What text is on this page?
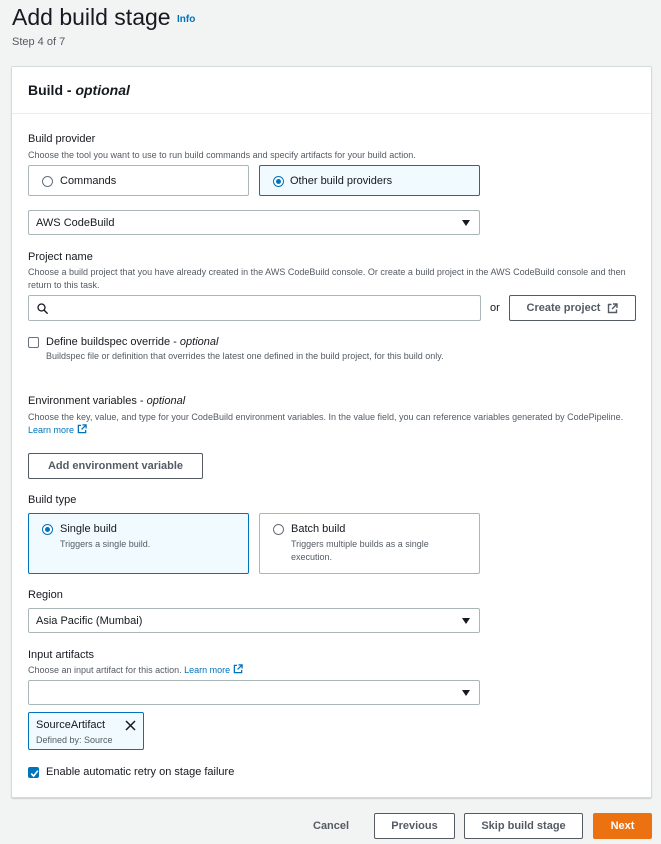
Add build stage Info
Step 4 of 7
Build - optional
Build provider
Choose the tool you want to use to run build commands and specify artifacts for your build action.
Commands	Other build providers
AWS CodeBuild
Project name
Choose a build project that you have already created in the AWS CodeBuild console. Or create a build project in the AWS CodeBuild console and then return to this task.
or Create project
Define buildspec override - optional
Buildspec file or definition that overrides the latest one defined in the build project, for this build only.
Environment variables - optional
Choose the key, value, and type for your CodeBuild environment variables. In the value field, you can reference variables generated by CodePipeline. Learn more
Add environment variable
Build type
Single build
Triggers a single build.
Batch build
Triggers multiple builds as a single execution.
Region
Asia Pacific (Mumbai)
Input artifacts
Choose an input artifact for this action. Learn more
SourceArtifact
Defined by: Source
Enable automatic retry on stage failure
Cancel	Previous	Skip build stage	Next
